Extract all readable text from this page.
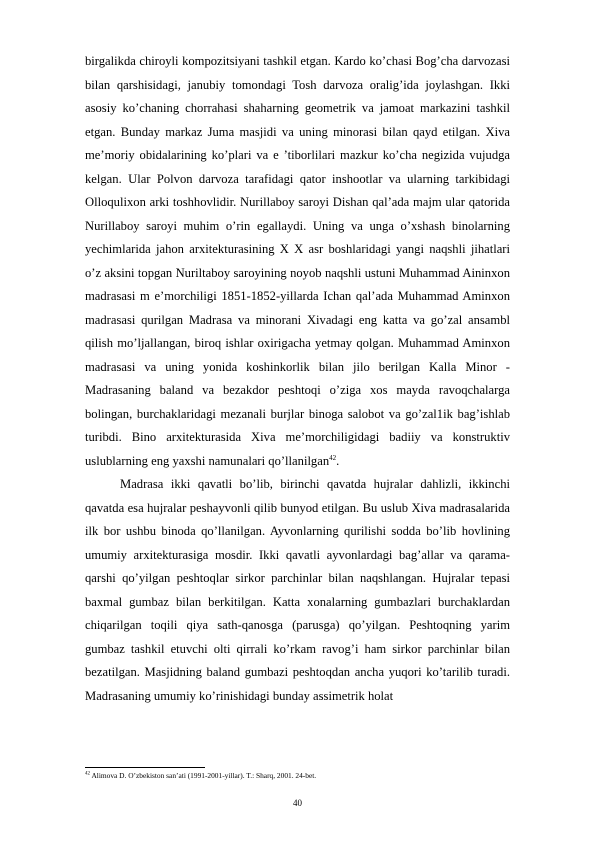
birgalikda chiroyli kompozitsiyani tashkil etgan. Kardo ko’chasi Bog’cha darvozasi bilan qarshisidagi, janubiy tomondagi Tosh darvoza oralig’ida joylashgan. Ikki asosiy ko’chaning chorrahasi shaharning geometrik va jamoat markazini tashkil etgan. Bunday markaz Juma masjidi va uning minorasi bilan qayd etilgan. Xiva me’moriy obidalarining ko’plari va e ’tiborlilari mazkur ko’cha negizida vujudga kelgan. Ular Polvon darvoza tarafidagi qator inshootlar va ularning tarkibidagi Olloqulixon arki toshhovlidir. Nurillaboy saroyi Dishan qal’ada majm ular qatorida Nurillaboy saroyi muhim o’rin egallaydi. Uning va unga o’xshash binolarning yechimlarida jahon arxitekturasining X X asr boshlaridagi yangi naqshli jihatlari o’z aksini topgan Nuriltaboy saroyining noyob naqshli ustuni Muhammad Aininxon madrasasi m e’morchiligi 1851-1852-yillarda Ichan qal’ada Muhammad Aminxon madrasasi qurilgan Madrasa va minorani Xivadagi eng katta va go’zal ansambl qilish mo’ljallangan, biroq ishlar oxirigacha yetmay qolgan. Muhammad Aminxon madrasasi va uning yonida koshinkorlik bilan jilo berilgan Kalla Minor - Madrasaning baland va bezakdor peshtoqi o’ziga xos mayda ravoqchalarga bolingan, burchaklaridagi mezanali burjlar binoga salobot va go’zal1ik bag’ishlab turibdi. Bino arxitekturasida Xiva me’morchiligidagi badiiy va konstruktiv uslublarning eng yaxshi namunalari qo’llanilgan$^{42}$.

Madrasa ikki qavatli bo’lib, birinchi qavatda hujralar dahlizli, ikkinchi qavatda esa hujralar peshayvonli qilib bunyod etilgan. Bu uslub Xiva madrasalarida ilk bor ushbu binoda qo’llanilgan. Ayvonlarning qurilishi sodda bo’lib hovlining umumiy arxitekturasiga mosdir. Ikki qavatli ayvonlardagi bag’allar va qarama-qarshi qo’yilgan peshtoqlar sirkor parchinlar bilan naqshlangan. Hujralar tepasi baxmal gumbaz bilan berkitilgan. Katta xonalarning gumbazlari burchaklardan chiqarilgan toqili qiya sath-qanosga (parusga) qo’yilgan. Peshtoqning yarim gumbaz tashkil etuvchi olti qirrali ko’rkam ravog’i ham sirkor parchinlar bilan bezatilgan. Masjidning baland gumbazi peshtoqdan ancha yuqori ko’tarilib turadi. Madrasaning umumiy ko’rinishidagi bunday assimetrik holat

$^{42}$ Alimova D. O’zbekiston san’ati (1991-2001-yillar). T.: Sharq, 2001. 24-bet.
40
